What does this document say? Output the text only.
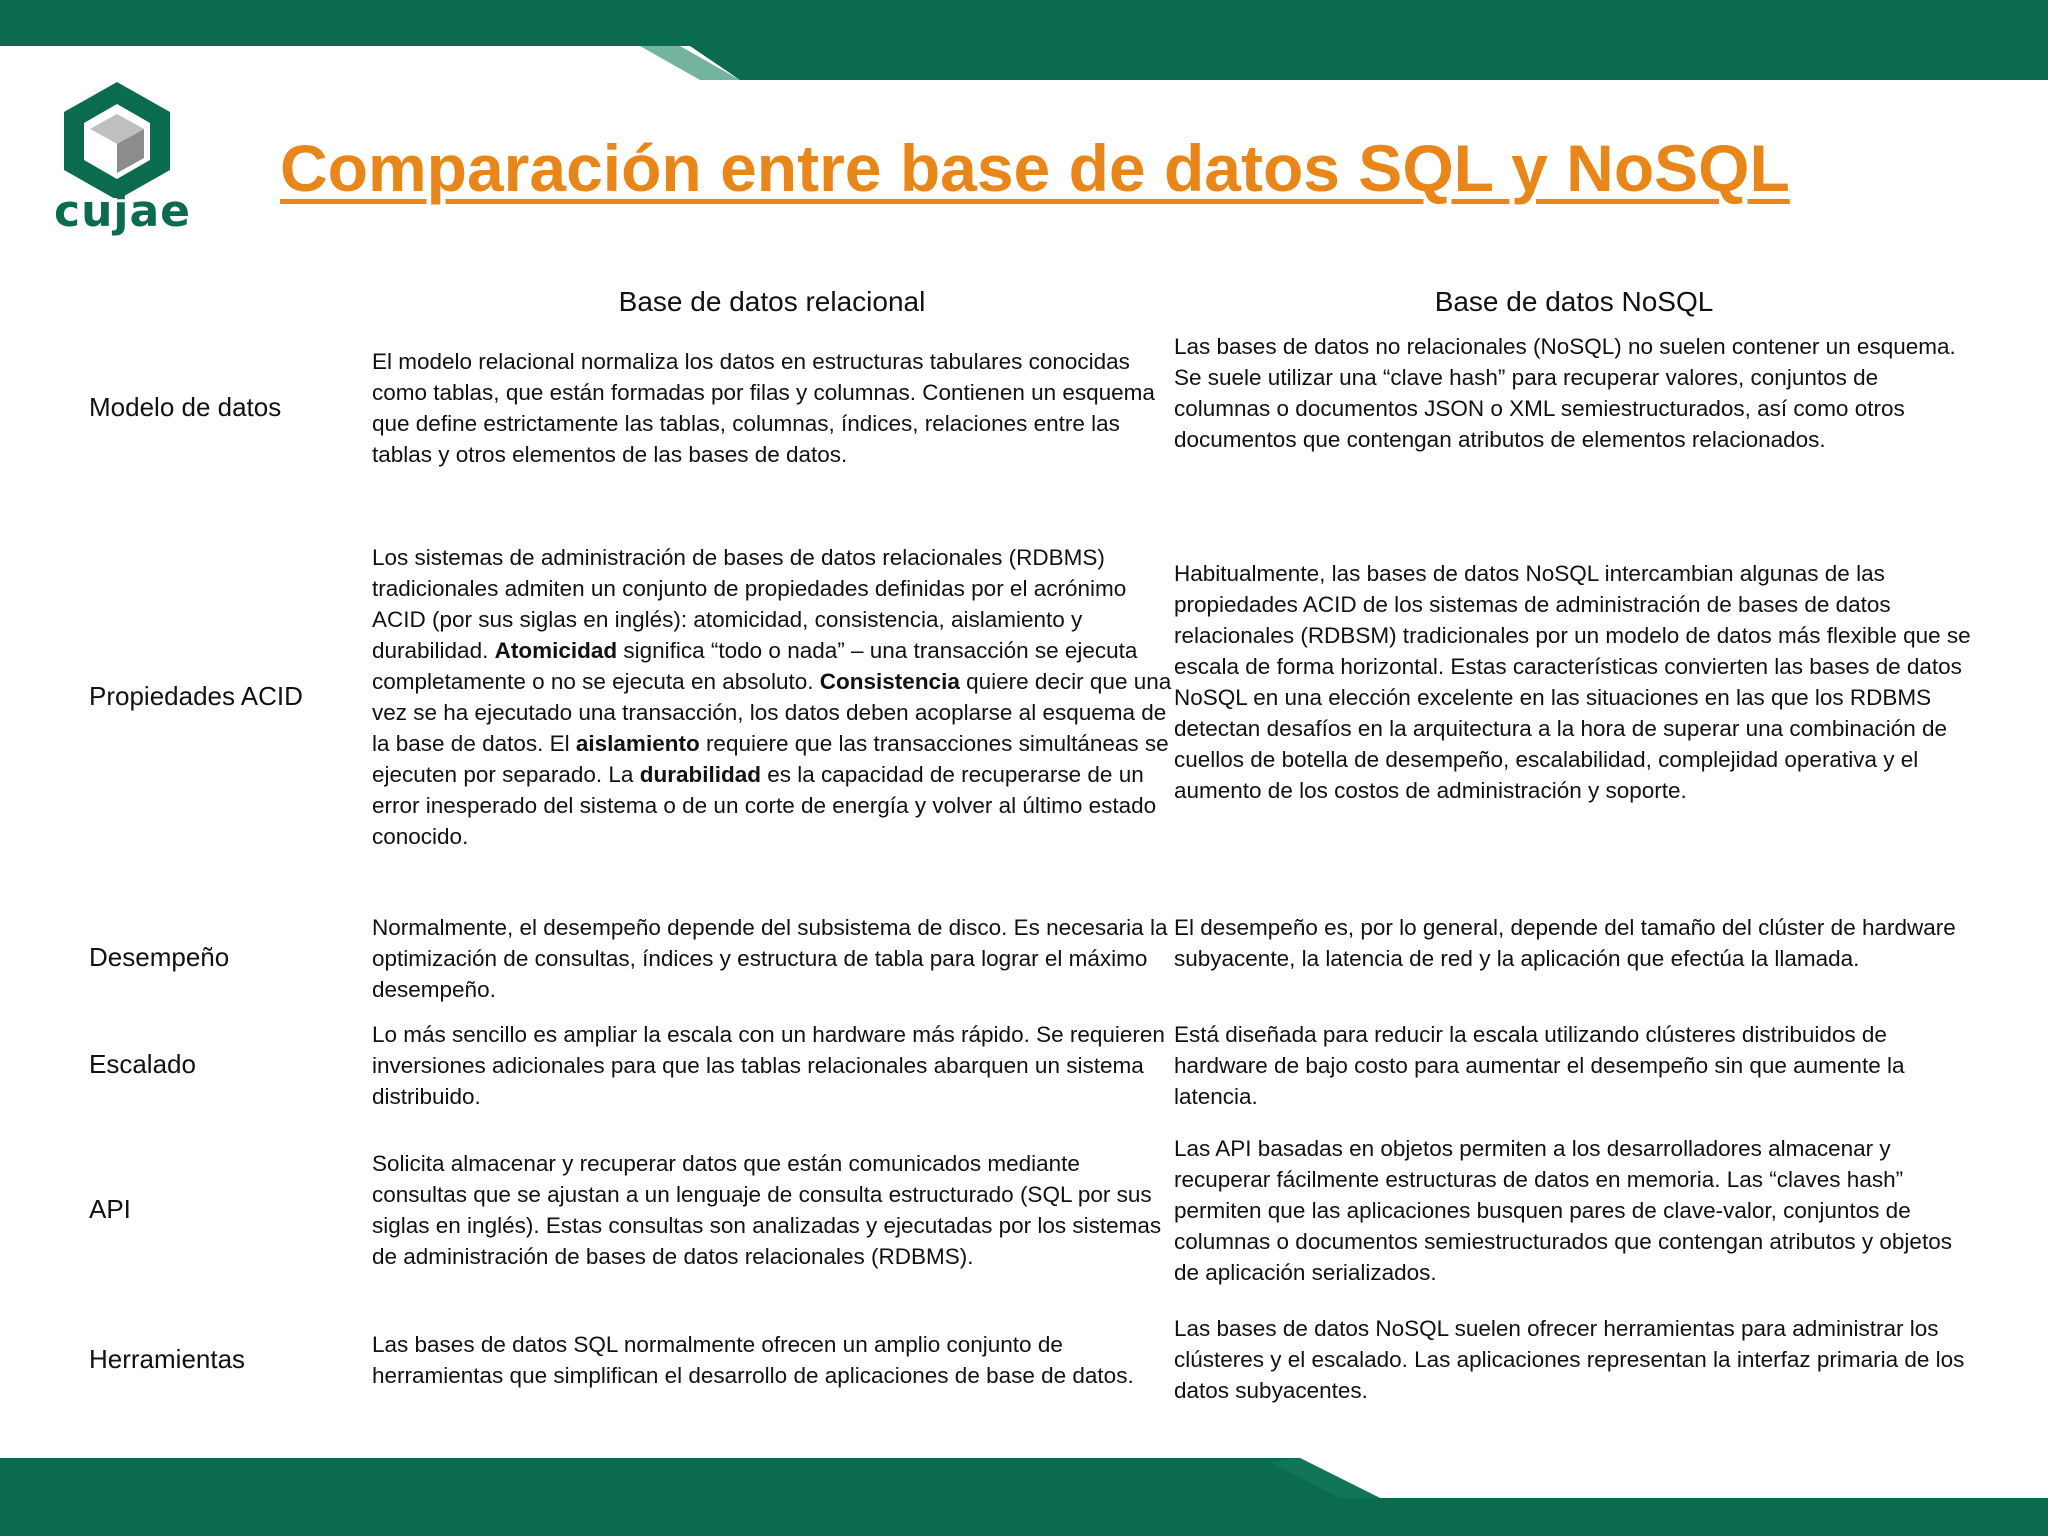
cujae
Comparación entre base de datos SQL y NoSQL
Base de datos relacional	Base de datos NoSQL
Modelo de datos

El modelo relacional normaliza los datos en estructuras tabulares conocidas como tablas, que están formadas por filas y columnas. Contienen un esquema que define estrictamente las tablas, columnas, índices, relaciones entre las tablas y otros elementos de las bases de datos.

Las bases de datos no relacionales (NoSQL) no suelen contener un esquema. Se suele utilizar una “clave hash” para recuperar valores, conjuntos de columnas o documentos JSON o XML semiestructurados, así como otros documentos que contengan atributos de elementos relacionados.

Propiedades ACID

Los sistemas de administración de bases de datos relacionales (RDBMS) tradicionales admiten un conjunto de propiedades definidas por el acrónimo ACID (por sus siglas en inglés): atomicidad, consistencia, aislamiento y durabilidad. Atomicidad significa “todo o nada” – una transacción se ejecuta completamente o no se ejecuta en absoluto. Consistencia quiere decir que una vez se ha ejecutado una transacción, los datos deben acoplarse al esquema de la base de datos. El aislamiento requiere que las transacciones simultáneas se ejecuten por separado. La durabilidad es la capacidad de recuperarse de un error inesperado del sistema o de un corte de energía y volver al último estado conocido.

Habitualmente, las bases de datos NoSQL intercambian algunas de las propiedades ACID de los sistemas de administración de bases de datos relacionales (RDBSM) tradicionales por un modelo de datos más flexible que se escala de forma horizontal. Estas características convierten las bases de datos NoSQL en una elección excelente en las situaciones en las que los RDBMS detectan desafíos en la arquitectura a la hora de superar una combinación de cuellos de botella de desempeño, escalabilidad, complejidad operativa y el aumento de los costos de administración y soporte.

Desempeño

Normalmente, el desempeño depende del subsistema de disco. Es necesaria la optimización de consultas, índices y estructura de tabla para lograr el máximo desempeño.

El desempeño es, por lo general, depende del tamaño del clúster de hardware subyacente, la latencia de red y la aplicación que efectúa la llamada.

Escalado

Lo más sencillo es ampliar la escala con un hardware más rápido. Se requieren inversiones adicionales para que las tablas relacionales abarquen un sistema distribuido.

Está diseñada para reducir la escala utilizando clústeres distribuidos de hardware de bajo costo para aumentar el desempeño sin que aumente la latencia.

API

Solicita almacenar y recuperar datos que están comunicados mediante consultas que se ajustan a un lenguaje de consulta estructurado (SQL por sus siglas en inglés). Estas consultas son analizadas y ejecutadas por los sistemas de administración de bases de datos relacionales (RDBMS).

Las API basadas en objetos permiten a los desarrolladores almacenar y recuperar fácilmente estructuras de datos en memoria. Las “claves hash” permiten que las aplicaciones busquen pares de clave-valor, conjuntos de columnas o documentos semiestructurados que contengan atributos y objetos de aplicación serializados.

Herramientas	Las bases de datos SQL normalmente ofrecen un amplio conjunto de herramientas que simplifican el desarrollo de aplicaciones de base de datos.

Las bases de datos NoSQL suelen ofrecer herramientas para administrar los clústeres y el escalado. Las aplicaciones representan la interfaz primaria de los datos subyacentes.
